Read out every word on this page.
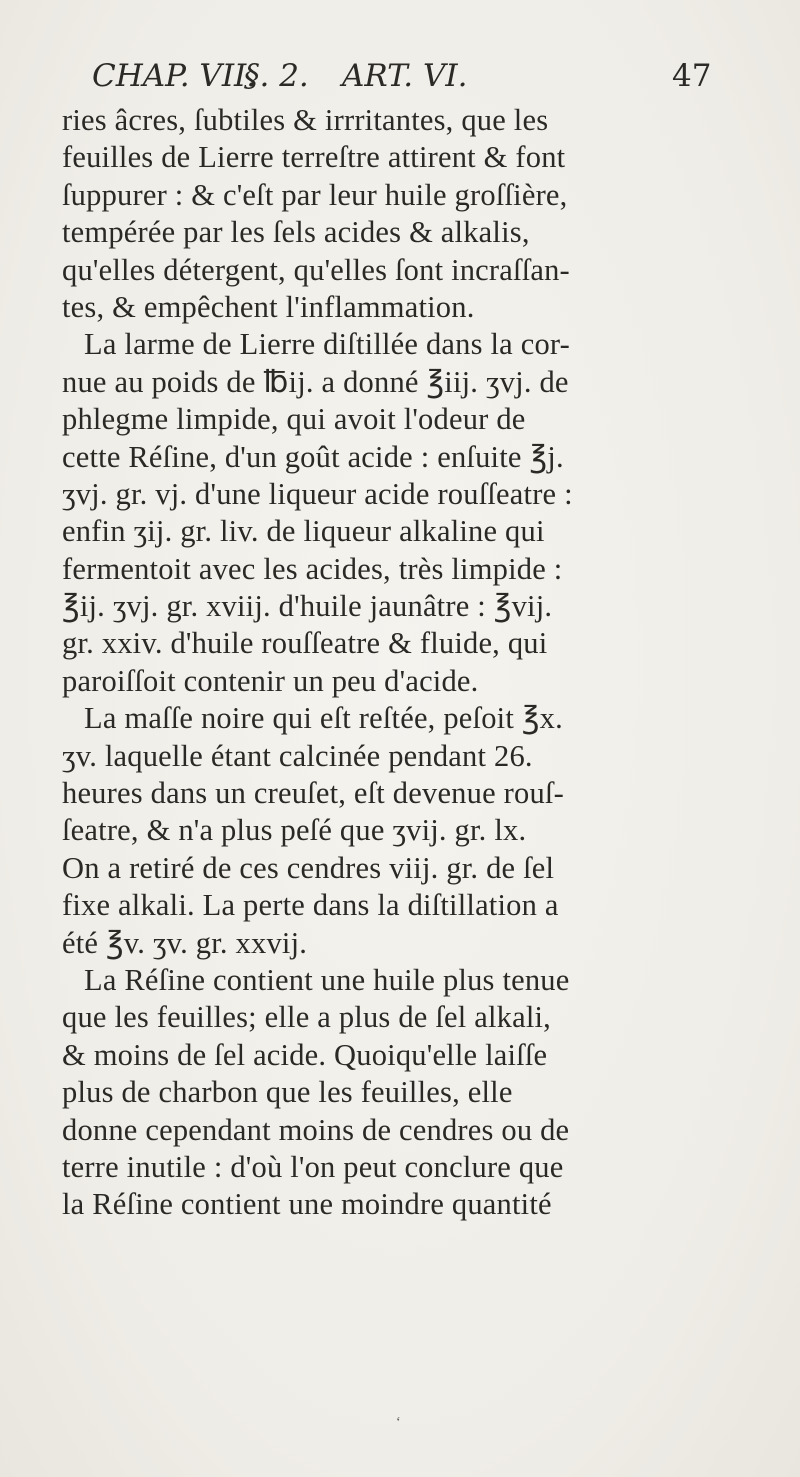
CHAP. VII.
§. 2. ART. VI.	47
ries âcres, ſubtiles & irrritantes, que les
feuilles de Lierre terreſtre attirent & font
ſuppurer : & c'eſt par leur huile groſſière,
tempérée par les ſels acides & alkalis,
qu'elles détergent, qu'elles ſont incraſſan-
tes, & empêchent l'inflammation.
La larme de Lierre diſtillée dans la cor-
nue au poids de ℔ij. a donné ℥iij. ʒvj. de
phlegme limpide, qui avoit l'odeur de
cette Réſine, d'un goût acide : enſuite ℥j.
ʒvj. gr. vj. d'une liqueur acide rouſſeatre :
enfin ʒij. gr. liv. de liqueur alkaline qui
fermentoit avec les acides, très limpide :
℥ij. ʒvj. gr. xviij. d'huile jaunâtre : ℥vij.
gr. xxiv. d'huile rouſſeatre & fluide, qui
paroiſſoit contenir un peu d'acide.
La maſſe noire qui eſt reſtée, peſoit ℥x.
ʒv. laquelle étant calcinée pendant 26.
heures dans un creuſet, eſt devenue rouſ-
ſeatre, & n'a plus peſé que ʒvij. gr. lx.
On a retiré de ces cendres viij. gr. de ſel
fixe alkali. La perte dans la diſtillation a
été ℥v. ʒv. gr. xxvij.
La Réſine contient une huile plus tenue
que les feuilles; elle a plus de ſel alkali,
& moins de ſel acide. Quoiqu'elle laiſſe
plus de charbon que les feuilles, elle
donne cependant moins de cendres ou de
terre inutile : d'où l'on peut conclure que
la Réſine contient une moindre quantité
ʻ
